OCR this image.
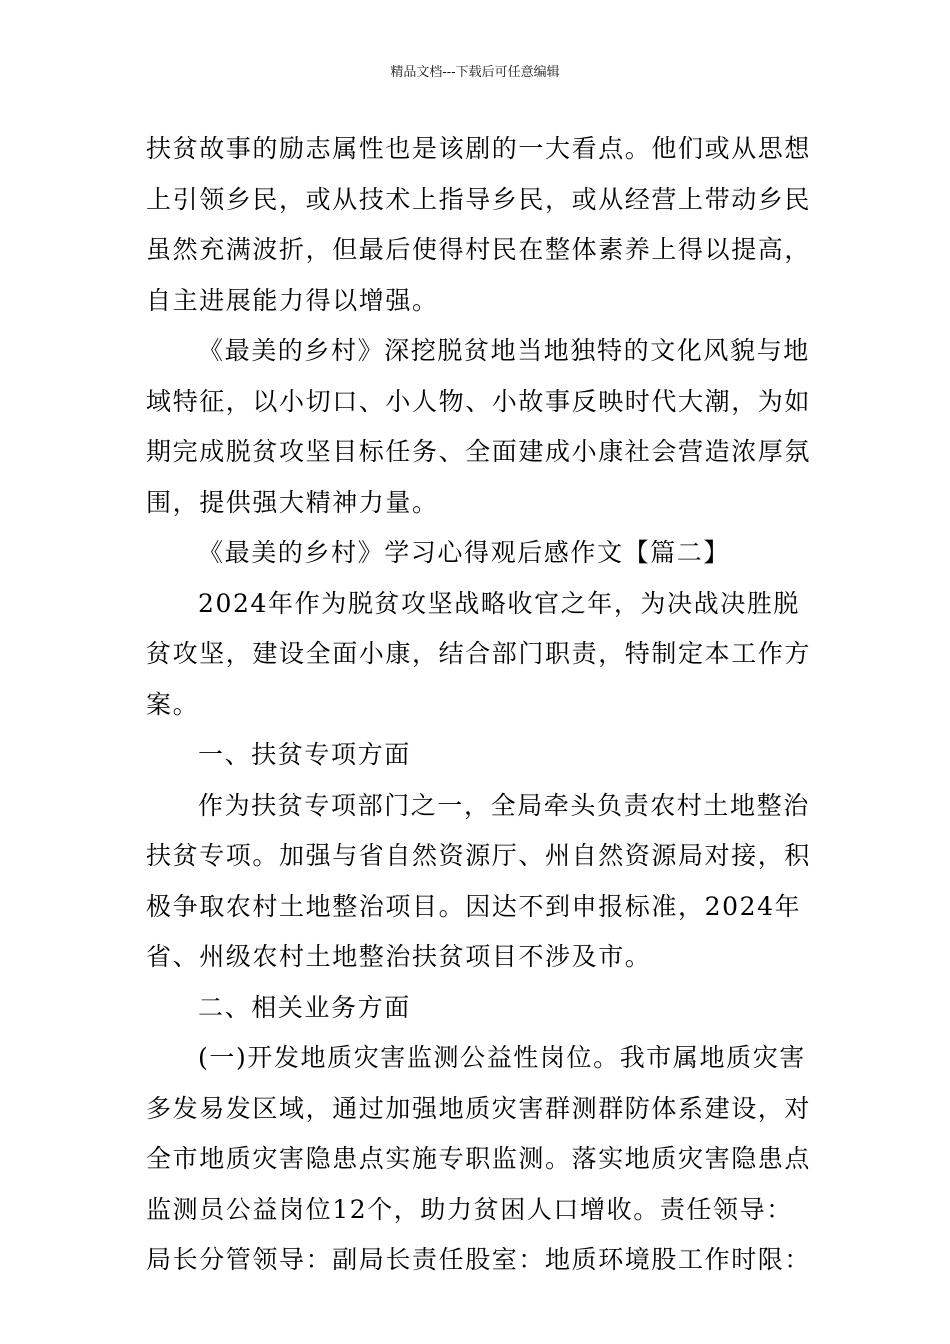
精品文档---下载后可任意编辑

扶贫故事的励志属性也是该剧的一大看点。他们或从思想上引领乡民，或从技术上指导乡民，或从经营上带动乡民虽然充满波折，但最后使得村民在整体素养上得以提高，自主进展能力得以增强。

《最美的乡村》深挖脱贫地当地独特的文化风貌与地域特征，以小切口、小人物、小故事反映时代大潮，为如期完成脱贫攻坚目标任务、全面建成小康社会营造浓厚氛围，提供强大精神力量。

《最美的乡村》学习心得观后感作文【篇二】

2024年作为脱贫攻坚战略收官之年，为决战决胜脱贫攻坚，建设全面小康，结合部门职责，特制定本工作方案。

一、扶贫专项方面

作为扶贫专项部门之一，全局牵头负责农村土地整治扶贫专项。加强与省自然资源厅、州自然资源局对接，积极争取农村土地整治项目。因达不到申报标准，2024年省、州级农村土地整治扶贫项目不涉及市。

二、相关业务方面

(一)开发地质灾害监测公益性岗位。我市属地质灾害多发易发区域，通过加强地质灾害群测群防体系建设，对全市地质灾害隐患点实施专职监测。落实地质灾害隐患点监测员公益岗位12个，助力贫困人口增收。责任领导：局长分管领导：副局长责任股室：地质环境股工作时限：
